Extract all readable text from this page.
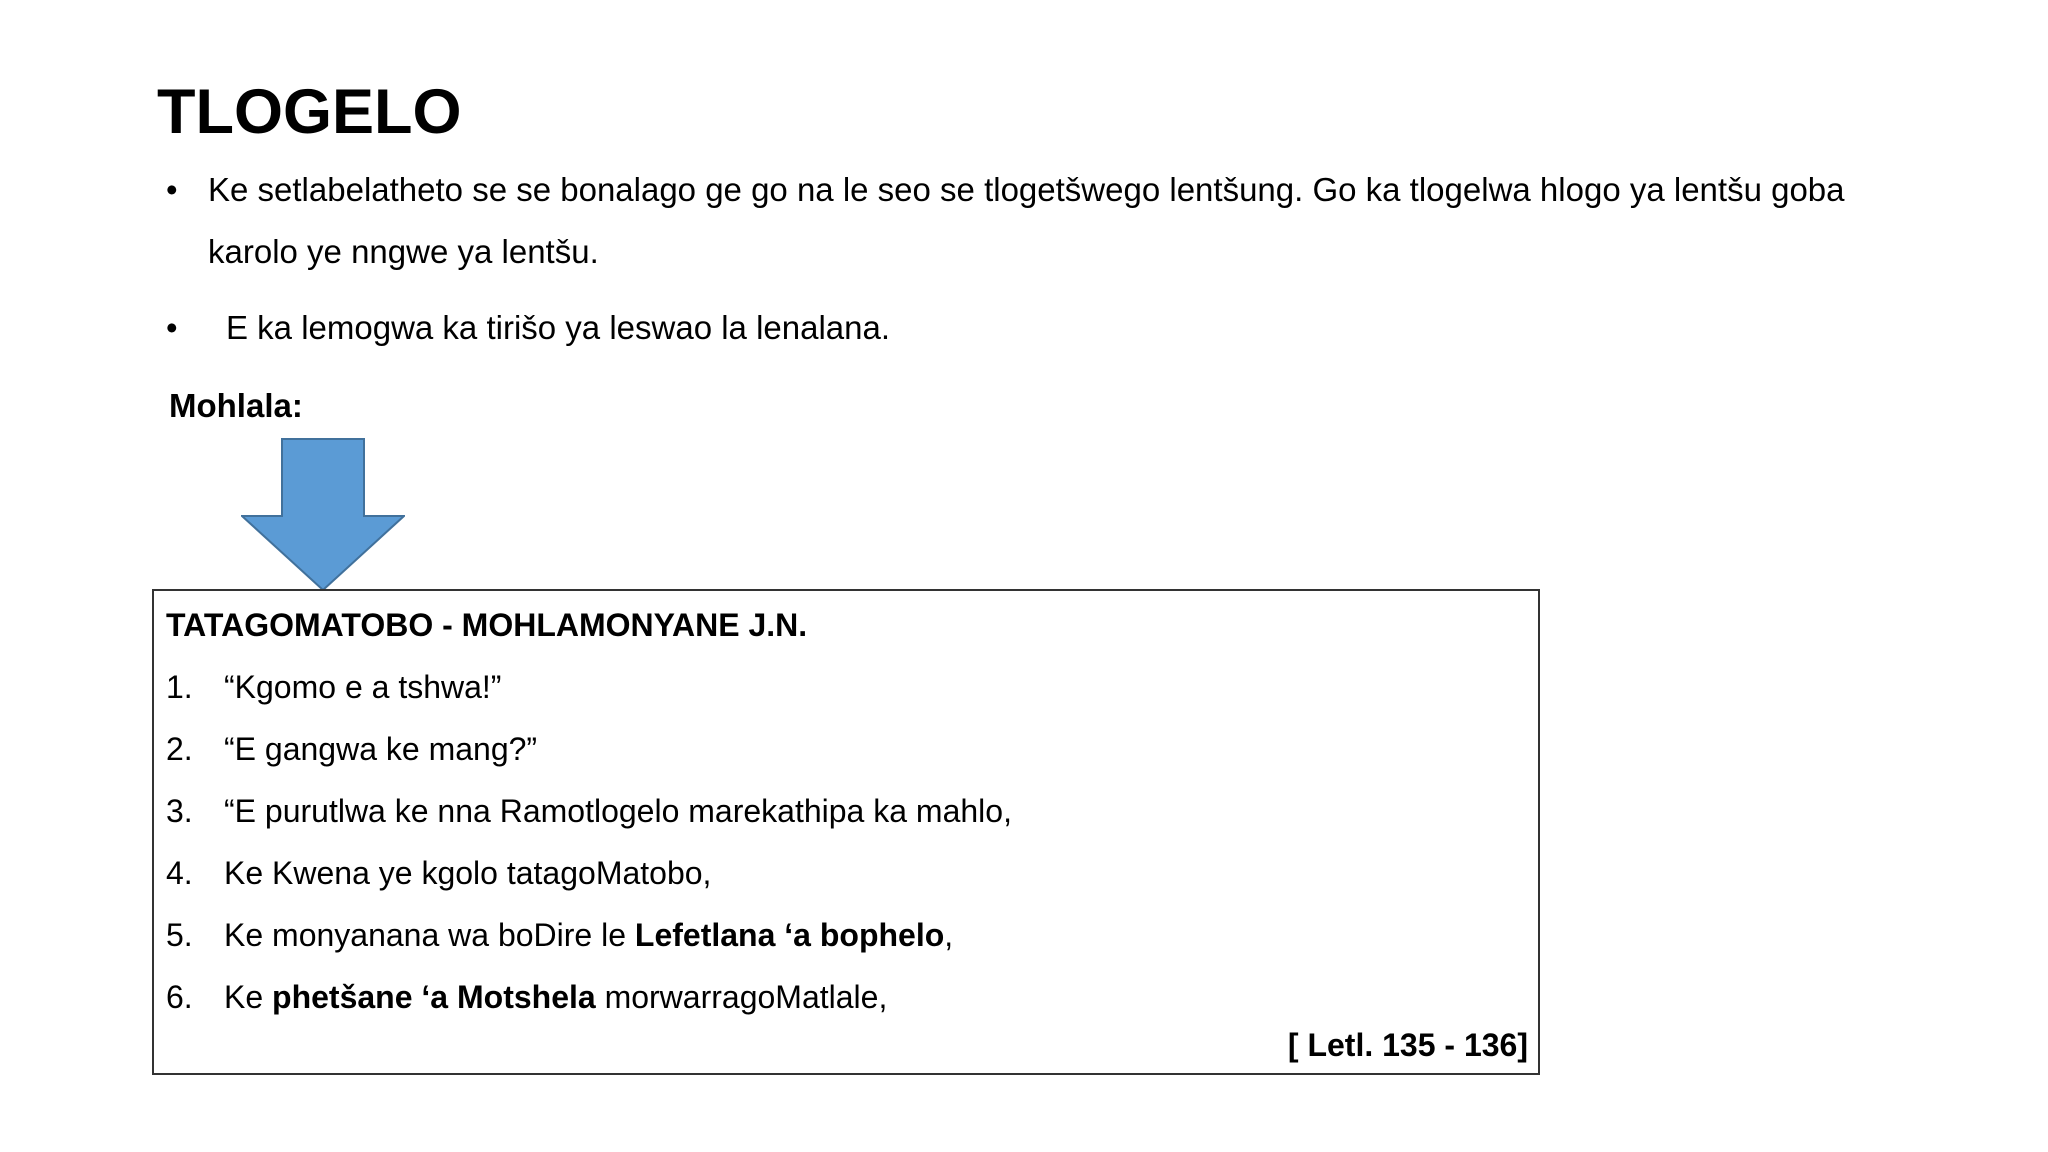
TLOGELO
• Ke setlabelatheto se se bonalago ge go na le seo se tlogetšwego lentšung. Go ka tlogelwa hlogo ya lentšu goba karolo ye nngwe ya lentšu.
• E ka lemogwa ka tirišo ya leswao la lenalana.
Mohlala:
TATAGOMATOBO - MOHLAMONYANE J.N.
1. “Kgomo e a tshwa!”
2. “E gangwa ke mang?”
3. “E purutlwa ke nna Ramotlogelo marekathipa ka mahlo,
4. Ke Kwena ye kgolo tatagoMatobo,
5. Ke monyanana wa boDire le Lefetlana ‘a bophelo,
6. Ke phetšane ‘a Motshela morwarragoMatlale,
[ Letl. 135 - 136]
